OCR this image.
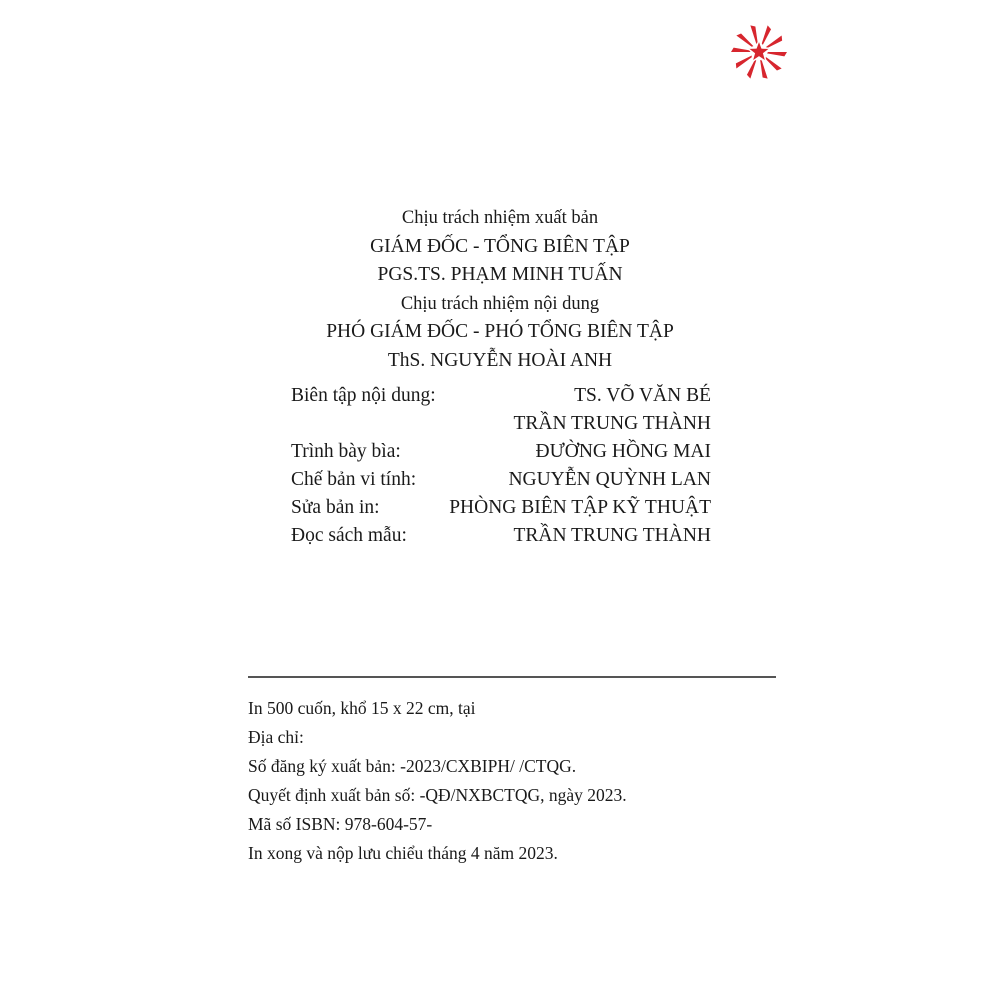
Chịu trách nhiệm xuất bản
GIÁM ĐỐC - TỔNG BIÊN TẬP
PGS.TS. PHẠM MINH TUẤN
Chịu trách nhiệm nội dung
PHÓ GIÁM ĐỐC - PHÓ TỔNG BIÊN TẬP
ThS. NGUYỄN HOÀI ANH
Biên tập nội dung:	TS. VÕ VĂN BÉ
TRẦN TRUNG THÀNH
Trình bày bìa:	ĐƯỜNG HỒNG MAI
Chế bản vi tính:	NGUYỄN QUỲNH LAN
Sửa bản in:	PHÒNG BIÊN TẬP KỸ THUẬT
Đọc sách mẫu:	TRẦN TRUNG THÀNH
In 500 cuốn, khổ 15 x 22 cm, tại
Địa chỉ:
Số đăng ký xuất bản: -2023/CXBIPH/ /CTQG.
Quyết định xuất bản số: -QĐ/NXBCTQG, ngày 2023.
Mã số ISBN: 978-604-57-
In xong và nộp lưu chiểu tháng 4 năm 2023.
